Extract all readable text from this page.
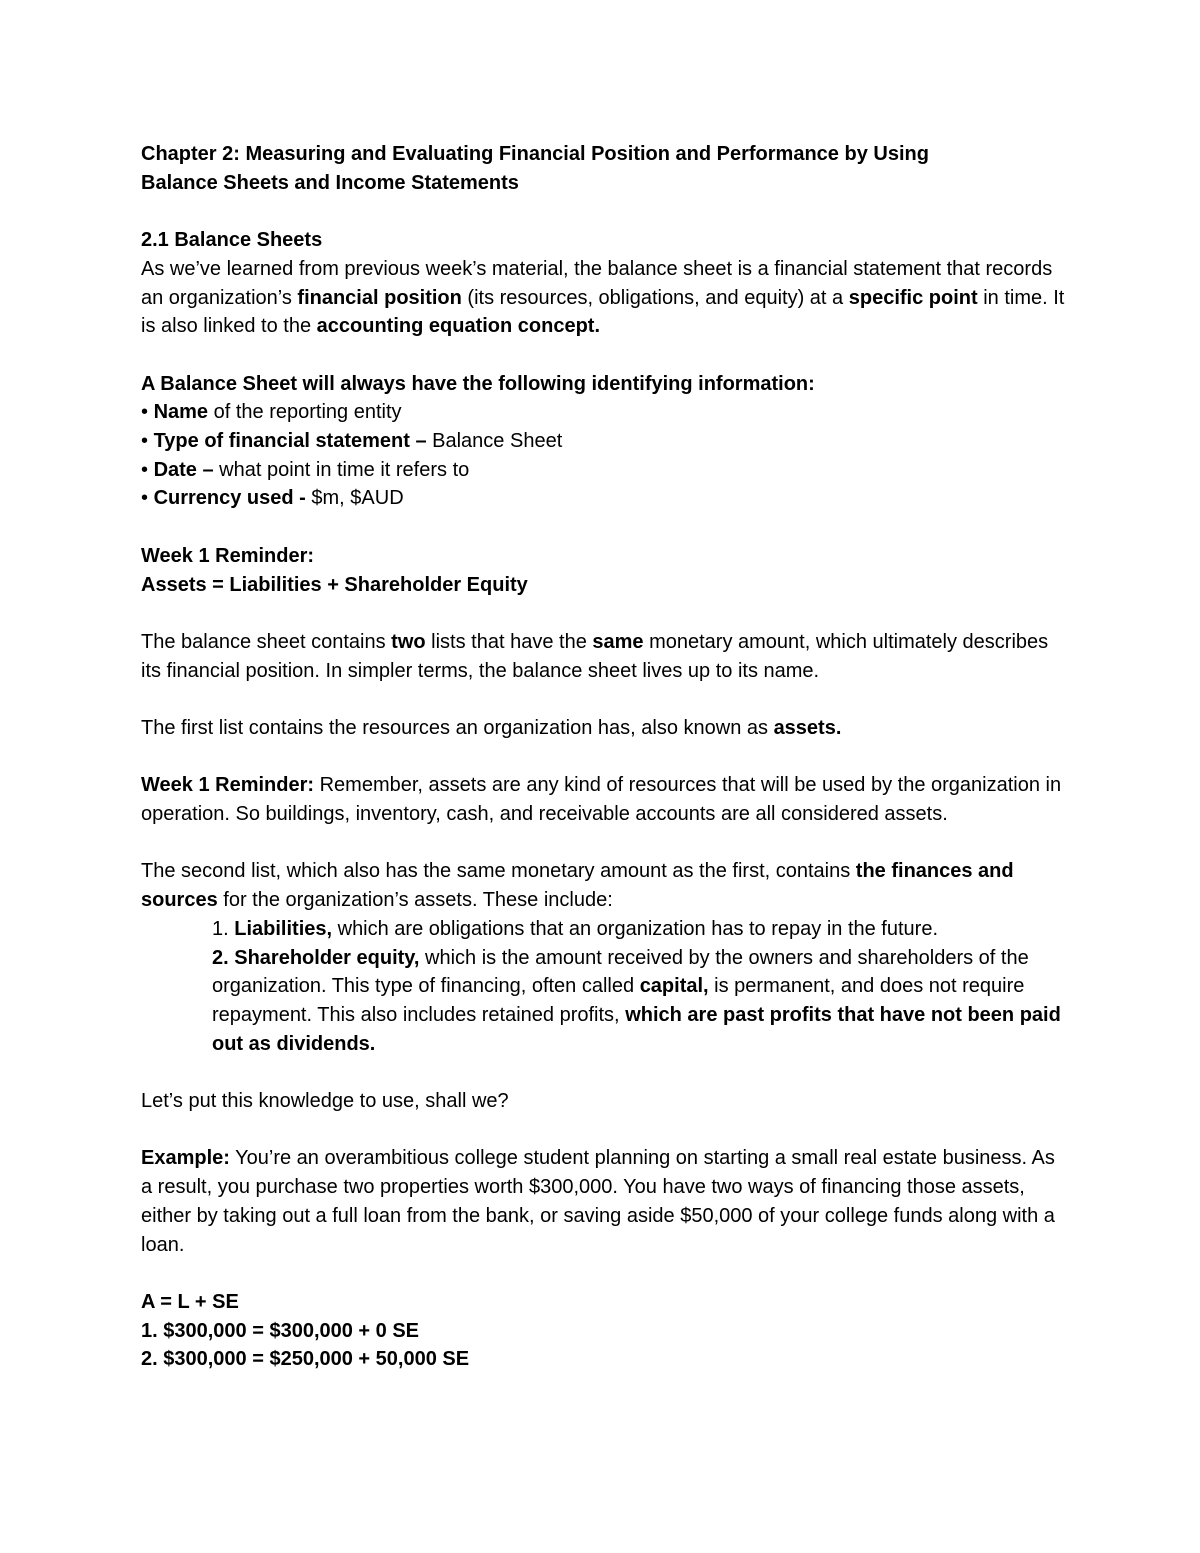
Chapter 2: Measuring and Evaluating Financial Position and Performance by Using
Balance Sheets and Income Statements
2.1 Balance Sheets

As we’ve learned from previous week’s material, the balance sheet is a financial statement that records an organization’s financial position (its resources, obligations, and equity) at a specific point in time. It is also linked to the accounting equation concept.

A Balance Sheet will always have the following identifying information:
• Name of the reporting entity
• Type of financial statement – Balance Sheet
• Date – what point in time it refers to
• Currency used - $m, $AUD
Week 1 Reminder:
Assets = Liabilities + Shareholder Equity

The balance sheet contains two lists that have the same monetary amount, which ultimately describes its financial position. In simpler terms, the balance sheet lives up to its name.

The first list contains the resources an organization has, also known as assets.

Week 1 Reminder: Remember, assets are any kind of resources that will be used by the organization in operation. So buildings, inventory, cash, and receivable accounts are all considered assets.

The second list, which also has the same monetary amount as the first, contains the finances and sources for the organization’s assets. These include:

1. Liabilities, which are obligations that an organization has to repay in the future.
2. Shareholder equity, which is the amount received by the owners and shareholders of the organization. This type of financing, often called capital, is permanent, and does not require repayment. This also includes retained profits, which are past profits that have not been paid out as dividends.

Let’s put this knowledge to use, shall we?

Example: You’re an overambitious college student planning on starting a small real estate business. As a result, you purchase two properties worth $300,000. You have two ways of financing those assets, either by taking out a full loan from the bank, or saving aside $50,000 of your college funds along with a loan.

A = L + SE
1. $300,000 = $300,000 + 0 SE
2. $300,000 = $250,000 + 50,000 SE
